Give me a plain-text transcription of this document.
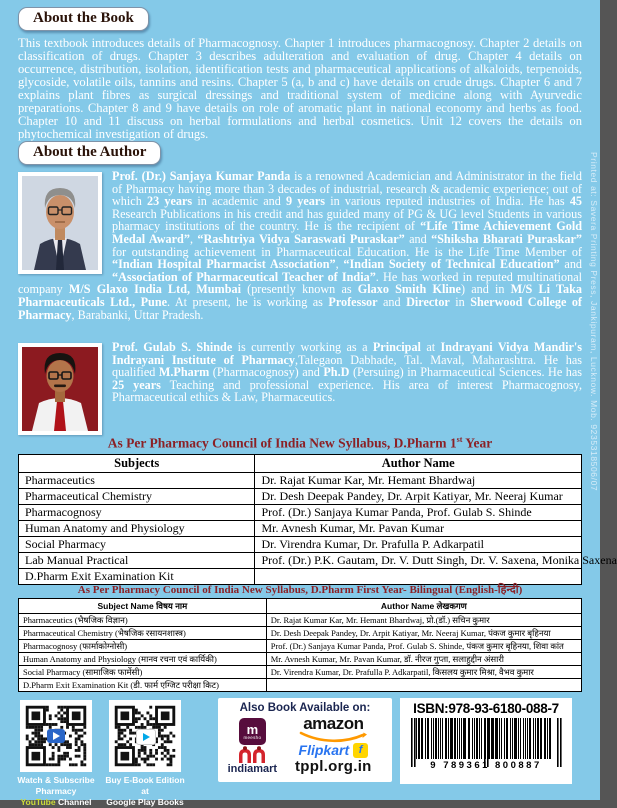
About the Book

This textbook introduces details of Pharmacognosy. Chapter 1 introduces pharmacognosy. Chapter 2 details on classification of drugs. Chapter 3 describes adulteration and evaluation of drug. Chapter 4 details on occurrence, distribution, isolation, identification tests and pharmaceutical applications of alkaloids, terpenoids, glycoside, volatile oils, tannins and resins. Chapter 5 (a, b and c) have details on crude drugs. Chapter 6 and 7 explains plant fibres as surgical dressings and traditional system of medicine along with Ayurvedic preparations. Chapter 8 and 9 have details on role of aromatic plant in national economy and herbs as food. Chapter 10 and 11 discuss on herbal formulations and herbal cosmetics. Unit 12 covers the details on phytochemical investigation of drugs.

About the Author
Prof. (Dr.) Sanjaya Kumar Panda is a renowned Academician and Administrator in the field of Pharmacy having more than 3 decades of industrial, research & academic experience; out of which 23 years in academic and 9 years in various reputed industries of India. He has 45 Research Publications in his credit and has guided many of PG & UG level Students in various pharmacy institutions of the country. He is the recipient of “Life Time Achievement Gold Medal Award”, “Rashtriya Vidya Saraswati Puraskar” and “Shiksha Bharati Puraskar” for outstanding achievement in Pharmaceutical Education. He is the Life Time Member of “Indian Hospital Pharmacist Association”, “Indian Society of Technical Education” and “Association of Pharmaceutical Teacher of India”. He has worked in reputed multinational company M/S Glaxo India Ltd, Mumbai (presently known as Glaxo Smith Kline) and in M/S Li Taka Pharmaceuticals Ltd., Pune. At present, he is working as Professor and Director in Sherwood College of Pharmacy, Barabanki, Uttar Pradesh.
Prof. Gulab S. Shinde is currently working as a Principal at Indrayani Vidya Mandir's Indrayani Institute of Pharmacy,Talegaon Dabhade, Tal. Maval, Maharashtra. He has qualified M.Pharm (Pharmacognosy) and Ph.D (Persuing) in Pharmaceutical Sciences. He has 25 years Teaching and professional experience. His area of interest Pharmacognosy, Pharmaceutical ethics & Law, Pharmaceutics.
As Per Pharmacy Council of India New Syllabus, D.Pharm 1st Year
Subjects	Author Name
Pharmaceutics	Dr. Rajat Kumar Kar, Mr. Hemant Bhardwaj
Pharmaceutical Chemistry	Dr. Desh Deepak Pandey, Dr. Arpit Katiyar, Mr. Neeraj Kumar
Pharmacognosy	Prof. (Dr.) Sanjaya Kumar Panda, Prof. Gulab S. Shinde
Human Anatomy and Physiology	Mr. Avnesh Kumar, Mr. Pavan Kumar
Social Pharmacy	Dr. Virendra Kumar, Dr. Prafulla P. Adkarpatil
Lab Manual Practical	Prof. (Dr.) P.K. Gautam, Dr. V. Dutt Singh, Dr. V. Saxena, Monika Saxena
D.Pharm Exit Examination Kit	
As Per Pharmacy Council of India New Syllabus, D.Pharm First Year- Bilingual (English-हिन्दी)
Subject Name विषय नाम	Author Name लेखकगण
Pharmaceutics (भैषजिक विज्ञान)	Dr. Rajat Kumar Kar, Mr. Hemant Bhardwaj, प्रो.(डॉ.) सचिन कुमार
Pharmaceutical Chemistry (भैषजिक रसायनशास्त्र)	Dr. Desh Deepak Pandey, Dr. Arpit Katiyar, Mr. Neeraj Kumar, पंकज कुमार बृहिनया
Pharmacognosy (फार्माकोग्नोसी)	Prof. (Dr.) Sanjaya Kumar Panda, Prof. Gulab S. Shinde, पंकज कुमार बृहिनया, शिवा कांत
Human Anatomy and Physiology (मानव रचना एवं कार्यिकी)	Mr. Avnesh Kumar, Mr. Pavan Kumar, डॉ. नीरज गुप्ता, सलाहुद्दीन अंसारी
Social Pharmacy (सामाजिक फार्मेसी)	Dr. Virendra Kumar, Dr. Prafulla P. Adkarpatil, किसलय कुमार मिश्रा, वैभव कुमार
D.Pharm Exit Examination Kit (डी. फार्म एग्जिट परीक्षा किट)	
Watch & Subscribe
Pharmacy
YouTube Channel
Buy E-Book Edition at
Google Play Books
Also Book Available on:
m
meesho
indiamart
amazon
Flipkart f
tppl.org.in
ISBN:978-93-6180-088-7
9 789361 800887
Printed at: Savera Printing Press, Jankipuram, Lucknow. Mob. 9235318506/07
